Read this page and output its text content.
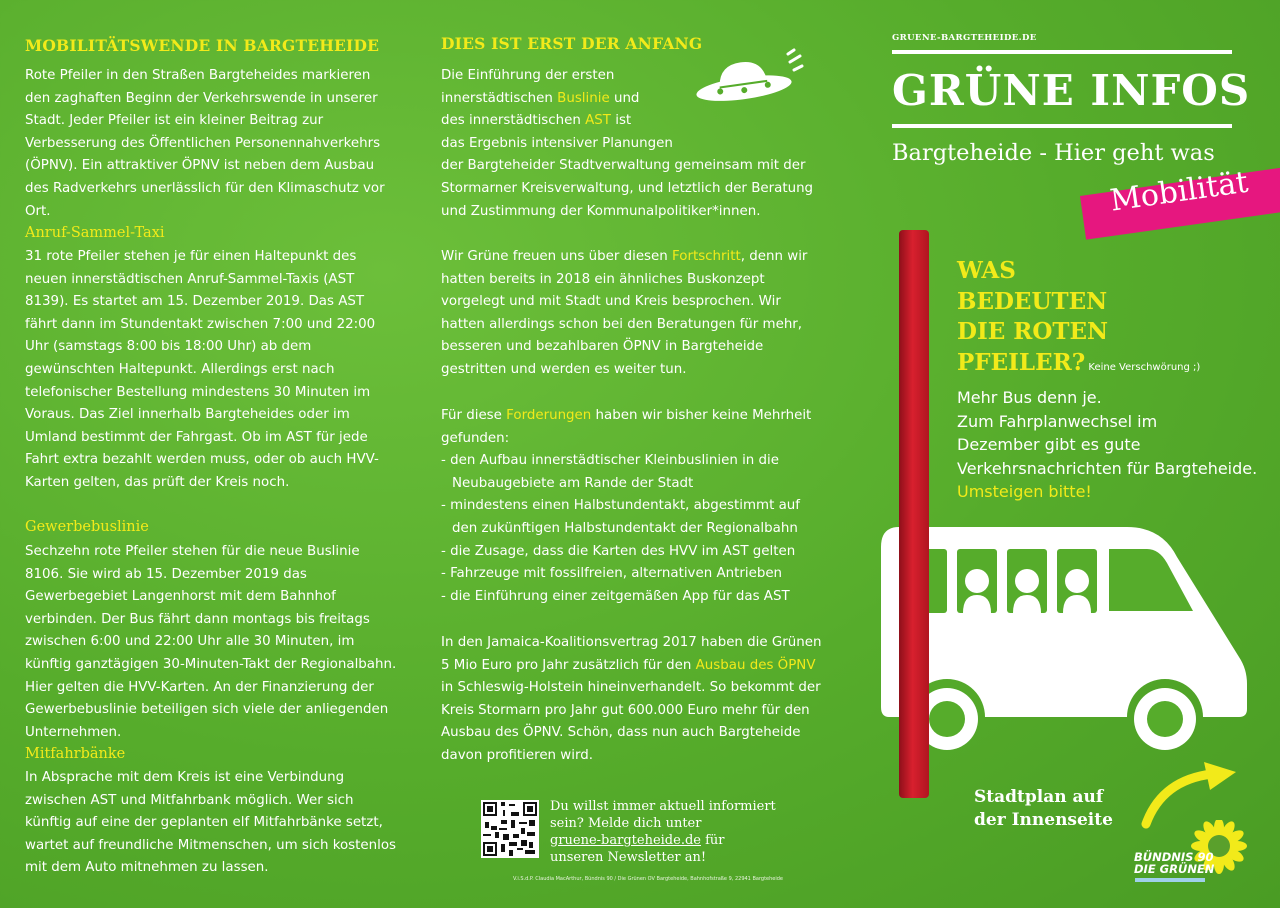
MOBILITÄTSWENDE IN BARGTEHEIDE

Rote Pfeiler in den Straßen Bargteheides markieren den zaghaften Beginn der Verkehrswende in unserer Stadt. Jeder Pfeiler ist ein kleiner Beitrag zur Verbesserung des Öffentlichen Personennahverkehrs (ÖPNV). Ein attraktiver ÖPNV ist neben dem Ausbau des Radverkehrs unerlässlich für den Klimaschutz vor Ort.

Anruf-Sammel-Taxi

31 rote Pfeiler stehen je für einen Haltepunkt des neuen innerstädtischen Anruf-Sammel-Taxis (AST 8139). Es startet am 15. Dezember 2019. Das AST fährt dann im Stundentakt zwischen 7:00 und 22:00 Uhr (samstags 8:00 bis 18:00 Uhr) ab dem gewünschten Haltepunkt. Allerdings erst nach telefonischer Bestellung mindestens 30 Minuten im Voraus. Das Ziel innerhalb Bargteheides oder im Umland bestimmt der Fahrgast. Ob im AST für jede Fahrt extra bezahlt werden muss, oder ob auch HVV-Karten gelten, das prüft der Kreis noch.

Gewerbebuslinie

Sechzehn rote Pfeiler stehen für die neue Buslinie 8106. Sie wird ab 15. Dezember 2019 das Gewerbegebiet Langenhorst mit dem Bahnhof verbinden. Der Bus fährt dann montags bis freitags zwischen 6:00 und 22:00 Uhr alle 30 Minuten, im künftig ganztägigen 30-Minuten-Takt der Regionalbahn. Hier gelten die HVV-Karten. An der Finanzierung der Gewerbebuslinie beteiligen sich viele der anliegenden Unternehmen.

Mitfahrbänke

In Absprache mit dem Kreis ist eine Verbindung zwischen AST und Mitfahrbank möglich. Wer sich künftig auf eine der geplanten elf Mitfahrbänke setzt, wartet auf freundliche Mitmenschen, um sich kostenlos mit dem Auto mitnehmen zu lassen.

DIES IST ERST DER ANFANG

Die Einführung der ersten
innerstädtischen Buslinie und
des innerstädtischen AST ist
das Ergebnis intensiver Planungen
der Bargteheider Stadtverwaltung gemeinsam mit der Stormarner Kreisverwaltung, und letztlich der Beratung und Zustimmung der Kommunalpolitiker*innen.

Wir Grüne freuen uns über diesen Fortschritt, denn wir hatten bereits in 2018 ein ähnliches Buskonzept vorgelegt und mit Stadt und Kreis besprochen. Wir hatten allerdings schon bei den Beratungen für mehr, besseren und bezahlbaren ÖPNV in Bargteheide gestritten und werden es weiter tun.

Für diese Forderungen haben wir bisher keine Mehrheit gefunden:

- den Aufbau innerstädtischer Kleinbuslinien in die Neubaugebiete am Rande der Stadt
- mindestens einen Halbstundentakt, abgestimmt auf den zukünftigen Halbstundentakt der Regionalbahn
- die Zusage, dass die Karten des HVV im AST gelten
- Fahrzeuge mit fossilfreien, alternativen Antrieben
- die Einführung einer zeitgemäßen App für das AST

In den Jamaica-Koalitionsvertrag 2017 haben die Grünen 5 Mio Euro pro Jahr zusätzlich für den Ausbau des ÖPNV in Schleswig-Holstein hineinverhandelt. So bekommt der Kreis Stormarn pro Jahr gut 600.000 Euro mehr für den Ausbau des ÖPNV. Schön, dass nun auch Bargteheide davon profitieren wird.

Du willst immer aktuell informiert
sein? Melde dich unter
gruene-bargteheide.de für
unseren Newsletter an!
V.i.S.d.P. Claudia MacArthur, Bündnis 90 / Die Grünen OV Bargteheide, Bahnhofstraße 9, 22941 Bargteheide
GRUENE-BARGTEHEIDE.DE
GRÜNE INFOS
Bargteheide - Hier geht was
Mobilität
WAS
BEDEUTEN
DIE ROTEN
PFEILER? Keine Verschwörung ;)
Mehr Bus denn je.
Zum Fahrplanwechsel im
Dezember gibt es gute
Verkehrsnachrichten für Bargteheide.
Umsteigen bitte!
Stadtplan auf
der Innenseite
BÜNDNIS 90
DIE GRÜNEN
